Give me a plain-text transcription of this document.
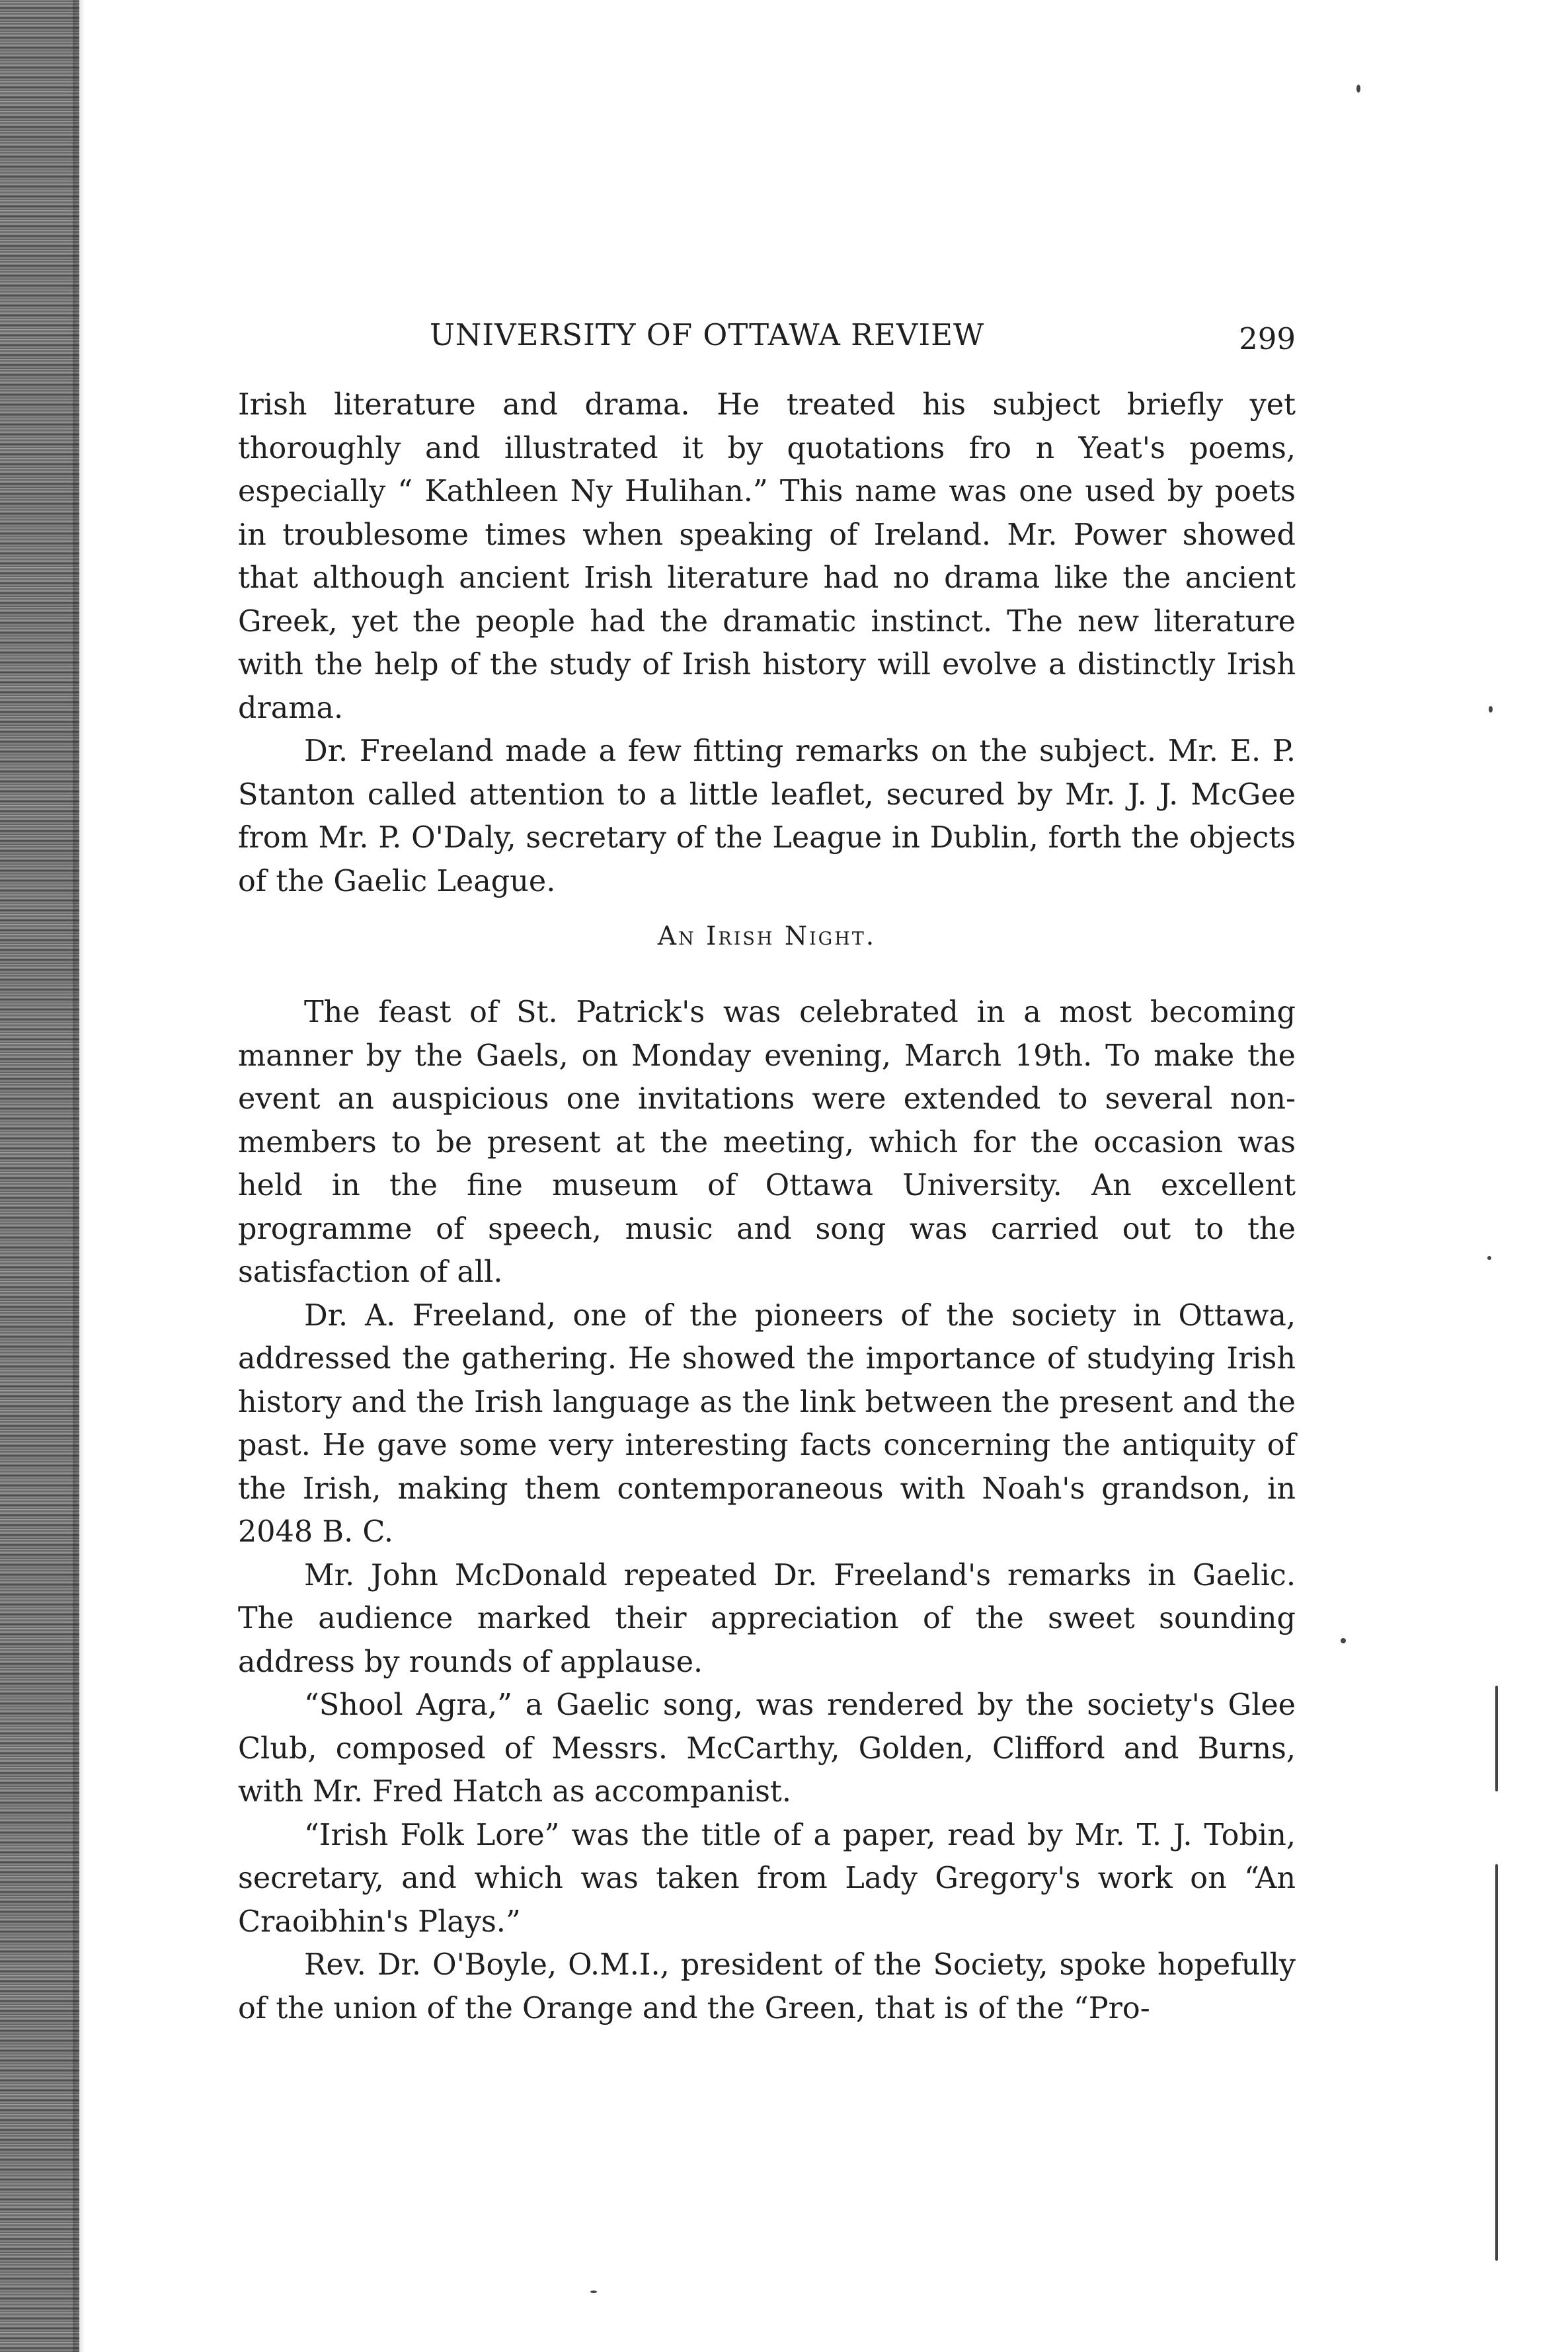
UNIVERSITY OF OTTAWA REVIEW	299

Irish literature and drama. He treated his subject briefly yet thoroughly and illustrated it by quotations fro n Yeat's poems, especially “ Kathleen Ny Hulihan.” This name was one used by poets in troublesome times when speaking of Ireland. Mr. Power showed that although ancient Irish literature had no drama like the ancient Greek, yet the people had the dramatic instinct. The new literature with the help of the study of Irish history will evolve a distinctly Irish drama.

Dr. Freeland made a few fitting remarks on the subject. Mr. E. P. Stanton called attention to a little leaflet, secured by Mr. J. J. McGee from Mr. P. O'Daly, secretary of the League in Dublin, forth the objects of the Gaelic League.

An Irish Night.

The feast of St. Patrick's was celebrated in a most becoming manner by the Gaels, on Monday evening, March 19th. To make the event an auspicious one invitations were extended to several non-members to be present at the meeting, which for the occasion was held in the fine museum of Ottawa University. An excellent programme of speech, music and song was carried out to the satisfaction of all.

Dr. A. Freeland, one of the pioneers of the society in Ottawa, addressed the gathering. He showed the importance of studying Irish history and the Irish language as the link between the present and the past. He gave some very interesting facts concerning the antiquity of the Irish, making them contemporaneous with Noah's grandson, in 2048 B. C.

Mr. John McDonald repeated Dr. Freeland's remarks in Gaelic. The audience marked their appreciation of the sweet sounding address by rounds of applause.

“Shool Agra,” a Gaelic song, was rendered by the society's Glee Club, composed of Messrs. McCarthy, Golden, Clifford and Burns, with Mr. Fred Hatch as accompanist.

“Irish Folk Lore” was the title of a paper, read by Mr. T. J. Tobin, secretary, and which was taken from Lady Gregory's work on “An Craoibhin's Plays.”

Rev. Dr. O'Boyle, O.M.I., president of the Society, spoke hopefully of the union of the Orange and the Green, that is of the “Pro-
